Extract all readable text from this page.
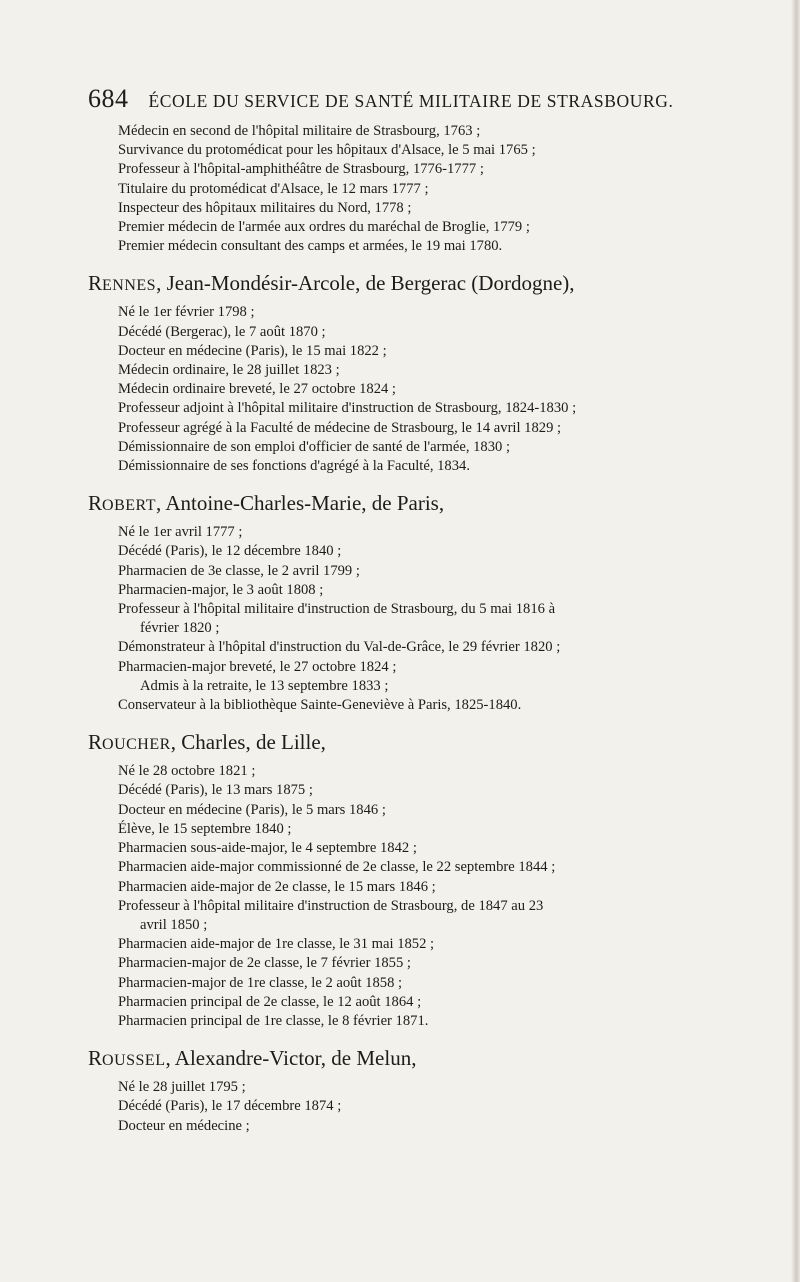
684 ÉCOLE DU SERVICE DE SANTÉ MILITAIRE DE STRASBOURG.
Médecin en second de l'hôpital militaire de Strasbourg, 1763 ;
Survivance du protomédicat pour les hôpitaux d'Alsace, le 5 mai 1765 ;
Professeur à l'hôpital-amphithéâtre de Strasbourg, 1776-1777 ;
Titulaire du protomédicat d'Alsace, le 12 mars 1777 ;
Inspecteur des hôpitaux militaires du Nord, 1778 ;
Premier médecin de l'armée aux ordres du maréchal de Broglie, 1779 ;
Premier médecin consultant des camps et armées, le 19 mai 1780.
RENNES, Jean-Mondésir-Arcole, de Bergerac (Dordogne),
Né le 1er février 1798 ;
Décédé (Bergerac), le 7 août 1870 ;
Docteur en médecine (Paris), le 15 mai 1822 ;
Médecin ordinaire, le 28 juillet 1823 ;
Médecin ordinaire breveté, le 27 octobre 1824 ;
Professeur adjoint à l'hôpital militaire d'instruction de Strasbourg, 1824-1830 ;
Professeur agrégé à la Faculté de médecine de Strasbourg, le 14 avril 1829 ;
Démissionnaire de son emploi d'officier de santé de l'armée, 1830 ;
Démissionnaire de ses fonctions d'agrégé à la Faculté, 1834.
ROBERT, Antoine-Charles-Marie, de Paris,
Né le 1er avril 1777 ;
Décédé (Paris), le 12 décembre 1840 ;
Pharmacien de 3e classe, le 2 avril 1799 ;
Pharmacien-major, le 3 août 1808 ;
Professeur à l'hôpital militaire d'instruction de Strasbourg, du 5 mai 1816 à
février 1820 ;
Démonstrateur à l'hôpital d'instruction du Val-de-Grâce, le 29 février 1820 ;
Pharmacien-major breveté, le 27 octobre 1824 ;
Admis à la retraite, le 13 septembre 1833 ;
Conservateur à la bibliothèque Sainte-Geneviève à Paris, 1825-1840.
ROUCHER, Charles, de Lille,
Né le 28 octobre 1821 ;
Décédé (Paris), le 13 mars 1875 ;
Docteur en médecine (Paris), le 5 mars 1846 ;
Élève, le 15 septembre 1840 ;
Pharmacien sous-aide-major, le 4 septembre 1842 ;
Pharmacien aide-major commissionné de 2e classe, le 22 septembre 1844 ;
Pharmacien aide-major de 2e classe, le 15 mars 1846 ;
Professeur à l'hôpital militaire d'instruction de Strasbourg, de 1847 au 23
avril 1850 ;
Pharmacien aide-major de 1re classe, le 31 mai 1852 ;
Pharmacien-major de 2e classe, le 7 février 1855 ;
Pharmacien-major de 1re classe, le 2 août 1858 ;
Pharmacien principal de 2e classe, le 12 août 1864 ;
Pharmacien principal de 1re classe, le 8 février 1871.
ROUSSEL, Alexandre-Victor, de Melun,
Né le 28 juillet 1795 ;
Décédé (Paris), le 17 décembre 1874 ;
Docteur en médecine ;
